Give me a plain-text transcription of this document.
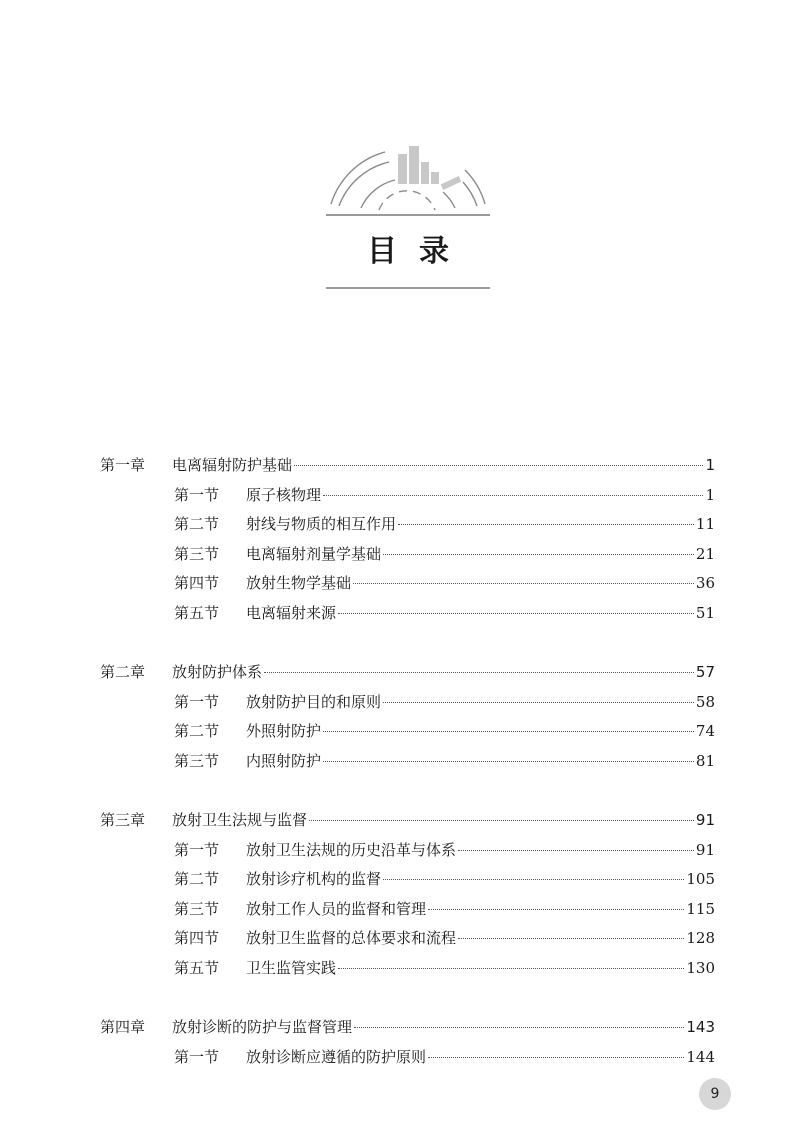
目录
第一章	电离辐射防护基础	1
第一节	原子核物理	1
第二节	射线与物质的相互作用	11
第三节	电离辐射剂量学基础	21
第四节	放射生物学基础	36
第五节	电离辐射来源	51
第二章	放射防护体系	57
第一节	放射防护目的和原则	58
第二节	外照射防护	74
第三节	内照射防护	81
第三章	放射卫生法规与监督	91
第一节	放射卫生法规的历史沿革与体系	91
第二节	放射诊疗机构的监督	105
第三节	放射工作人员的监督和管理	115
第四节	放射卫生监督的总体要求和流程	128
第五节	卫生监管实践	130
第四章	放射诊断的防护与监督管理	143
第一节	放射诊断应遵循的防护原则	144
9
